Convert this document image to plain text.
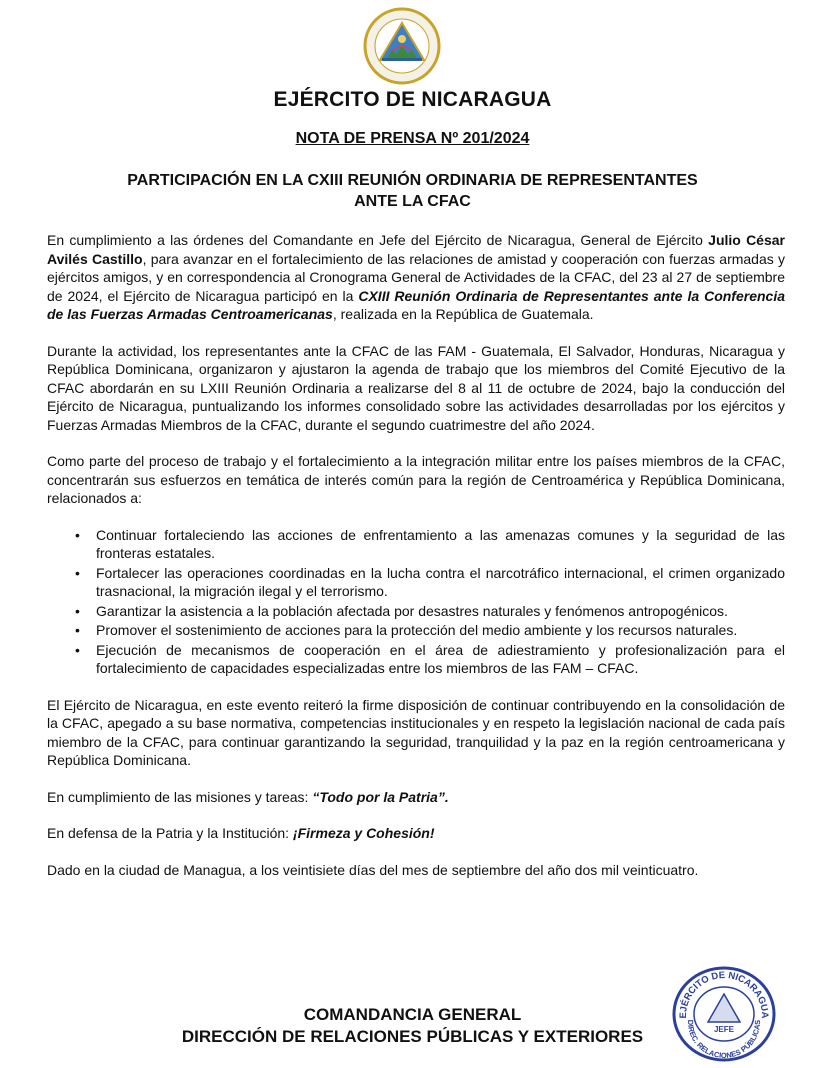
EJÉRCITO DE NICARAGUA
NOTA DE PRENSA Nº 201/2024
PARTICIPACIÓN EN LA CXIII REUNIÓN ORDINARIA DE REPRESENTANTES
ANTE LA CFAC

En cumplimiento a las órdenes del Comandante en Jefe del Ejército de Nicaragua, General de Ejército Julio César Avilés Castillo, para avanzar en el fortalecimiento de las relaciones de amistad y cooperación con fuerzas armadas y ejércitos amigos, y en correspondencia al Cronograma General de Actividades de la CFAC, del 23 al 27 de septiembre de 2024, el Ejército de Nicaragua participó en la CXIII Reunión Ordinaria de Representantes ante la Conferencia de las Fuerzas Armadas Centroamericanas, realizada en la República de Guatemala.

Durante la actividad, los representantes ante la CFAC de las FAM - Guatemala, El Salvador, Honduras, Nicaragua y República Dominicana, organizaron y ajustaron la agenda de trabajo que los miembros del Comité Ejecutivo de la CFAC abordarán en su LXIII Reunión Ordinaria a realizarse del 8 al 11 de octubre de 2024, bajo la conducción del Ejército de Nicaragua, puntualizando los informes consolidado sobre las actividades desarrolladas por los ejércitos y Fuerzas Armadas Miembros de la CFAC, durante el segundo cuatrimestre del año 2024.

Como parte del proceso de trabajo y el fortalecimiento a la integración militar entre los países miembros de la CFAC, concentrarán sus esfuerzos en temática de interés común para la región de Centroamérica y República Dominicana, relacionados a:

• Continuar fortaleciendo las acciones de enfrentamiento a las amenazas comunes y la seguridad de las fronteras estatales.
• Fortalecer las operaciones coordinadas en la lucha contra el narcotráfico internacional, el crimen organizado trasnacional, la migración ilegal y el terrorismo.
• Garantizar la asistencia a la población afectada por desastres naturales y fenómenos antropogénicos.
• Promover el sostenimiento de acciones para la protección del medio ambiente y los recursos naturales.
• Ejecución de mecanismos de cooperación en el área de adiestramiento y profesionalización para el fortalecimiento de capacidades especializadas entre los miembros de las FAM – CFAC.

El Ejército de Nicaragua, en este evento reiteró la firme disposición de continuar contribuyendo en la consolidación de la CFAC, apegado a su base normativa, competencias institucionales y en respeto la legislación nacional de cada país miembro de la CFAC, para continuar garantizando la seguridad, tranquilidad y la paz en la región centroamericana y República Dominicana.

En cumplimiento de las misiones y tareas: “Todo por la Patria”.

En defensa de la Patria y la Institución: ¡Firmeza y Cohesión!

Dado en la ciudad de Managua, a los veintisiete días del mes de septiembre del año dos mil veinticuatro.

COMANDANCIA GENERAL
DIRECCIÓN DE RELACIONES PÚBLICAS Y EXTERIORES
EJÉRCITO DE NICARAGUA
JEFE
DIREC. RELACIONES PÚBLICAS
